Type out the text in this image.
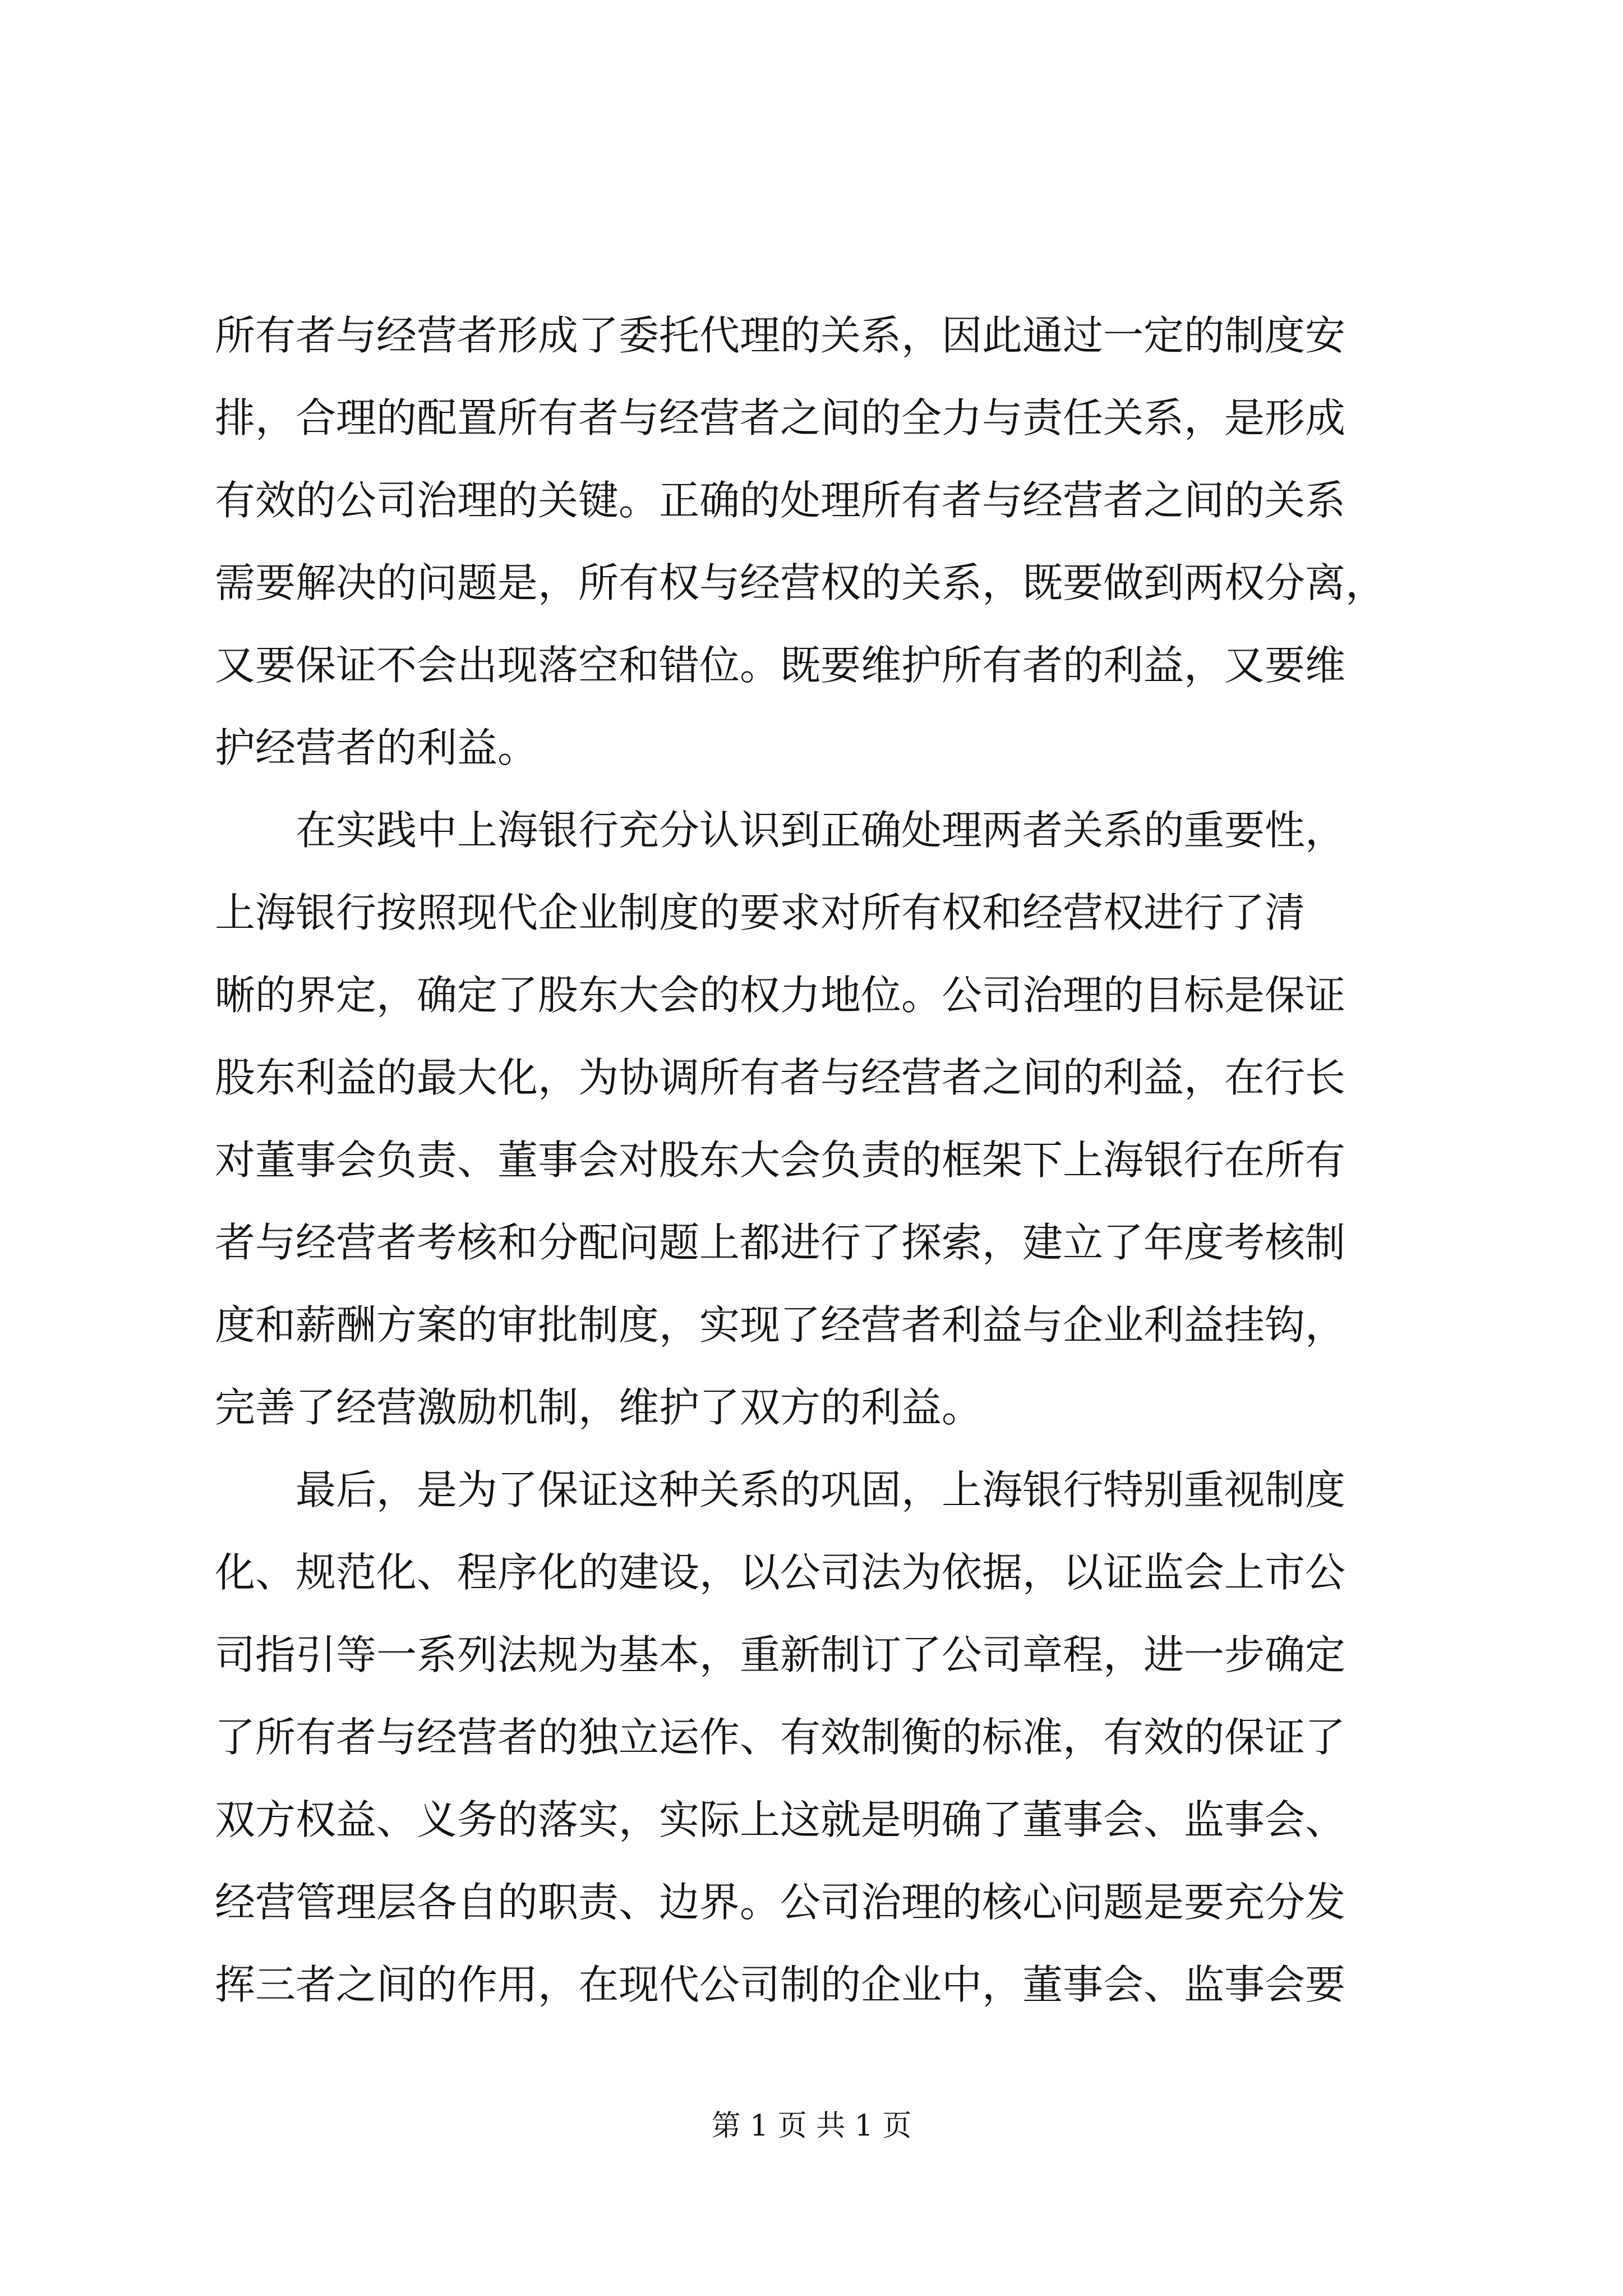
所有者与经营者形成了委托代理的关系，因此通过一定的制度安

排，合理的配置所有者与经营者之间的全力与责任关系，是形成

有效的公司治理的关键。正确的处理所有者与经营者之间的关系

需要解决的问题是，所有权与经营权的关系，既要做到两权分离，

又要保证不会出现落空和错位。既要维护所有者的利益，又要维

护经营者的利益。

在实践中上海银行充分认识到正确处理两者关系的重要性，

上海银行按照现代企业制度的要求对所有权和经营权进行了清

晰的界定，确定了股东大会的权力地位。公司治理的目标是保证

股东利益的最大化，为协调所有者与经营者之间的利益，在行长

对董事会负责、董事会对股东大会负责的框架下上海银行在所有

者与经营者考核和分配问题上都进行了探索，建立了年度考核制

度和薪酬方案的审批制度，实现了经营者利益与企业利益挂钩，

完善了经营激励机制，维护了双方的利益。

最后，是为了保证这种关系的巩固，上海银行特别重视制度

化、规范化、程序化的建设，以公司法为依据，以证监会上市公

司指引等一系列法规为基本，重新制订了公司章程，进一步确定

了所有者与经营者的独立运作、有效制衡的标准，有效的保证了

双方权益、义务的落实，实际上这就是明确了董事会、监事会、

经营管理层各自的职责、边界。公司治理的核心问题是要充分发

挥三者之间的作用，在现代公司制的企业中，董事会、监事会要

第 1 页 共 1 页
